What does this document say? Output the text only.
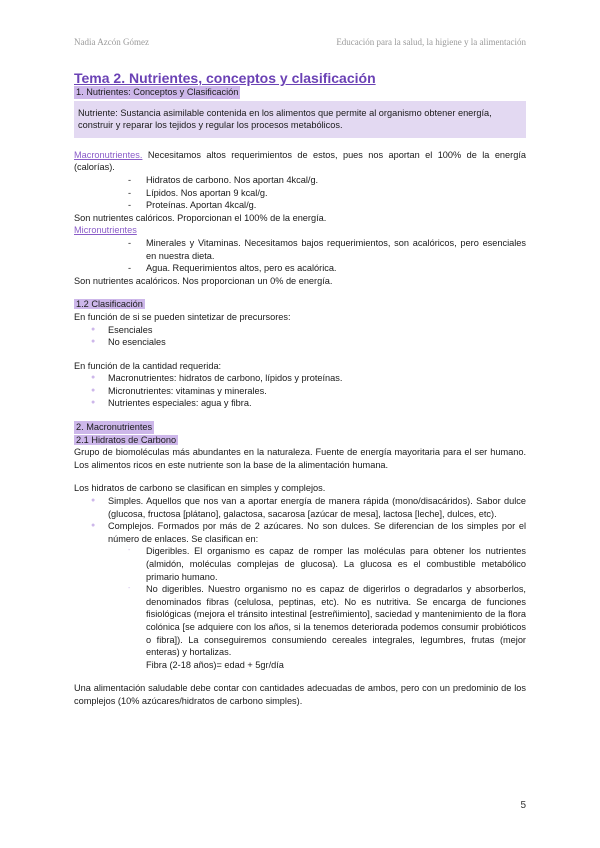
Nadia Azcón Gómez	Educación para la salud, la higiene y la alimentación

Tema 2. Nutrientes, conceptos y clasificación

1. Nutrientes: Conceptos y Clasificación

Nutriente: Sustancia asimilable contenida en los alimentos que permite al organismo obtener energía, construir y reparar los tejidos y regular los procesos metabólicos.

Macronutrientes. Necesitamos altos requerimientos de estos, pues nos aportan el 100% de la energía (calorías).

- Hidratos de carbono. Nos aportan 4kcal/g.
- Lípidos. Nos aportan 9 kcal/g.
- Proteínas. Aportan 4kcal/g.

Son nutrientes calóricos. Proporcionan el 100% de la energía.

Micronutrientes

- Minerales y Vitaminas. Necesitamos bajos requerimientos, son acalóricos, pero esenciales en nuestra dieta.
- Agua. Requerimientos altos, pero es acalórica.

Son nutrientes acalóricos. Nos proporcionan un 0% de energía.

1.2 Clasificación

En función de si se pueden sintetizar de precursores:

● Esenciales
● No esenciales

En función de la cantidad requerida:

● Macronutrientes: hidratos de carbono, lípidos y proteínas.
● Micronutrientes: vitaminas y minerales.
● Nutrientes especiales: agua y fibra.
2. Macronutrientes
2.1 Hidratos de Carbono

Grupo de biomoléculas más abundantes en la naturaleza. Fuente de energía mayoritaria para el ser humano. Los alimentos ricos en este nutriente son la base de la alimentación humana.

Los hidratos de carbono se clasifican en simples y complejos.

● Simples. Aquellos que nos van a aportar energía de manera rápida (mono/disacáridos). Sabor dulce (glucosa, fructosa [plátano], galactosa, sacarosa [azúcar de mesa], lactosa [leche], dulces, etc).
● Complejos. Formados por más de 2 azúcares. No son dulces. Se diferencian de los simples por el número de enlaces. Se clasifican en:
- Digeribles. El organismo es capaz de romper las moléculas para obtener los nutrientes (almidón, moléculas complejas de glucosa). La glucosa es el combustible metabólico primario humano.
- No digeribles. Nuestro organismo no es capaz de digerirlos o degradarlos y absorberlos, denominados fibras (celulosa, peptinas, etc). No es nutritiva. Se encarga de funciones fisiológicas (mejora el tránsito intestinal [estreñimiento], saciedad y mantenimiento de la flora colónica [se adquiere con los años, si la tenemos deteriorada podemos consumir probióticos o fibra]). La conseguiremos consumiendo cereales integrales, legumbres, frutas (mejor enteras) y hortalizas.
Fibra (2-18 años)= edad + 5gr/día

Una alimentación saludable debe contar con cantidades adecuadas de ambos, pero con un predominio de los complejos (10% azúcares/hidratos de carbono simples).

5
